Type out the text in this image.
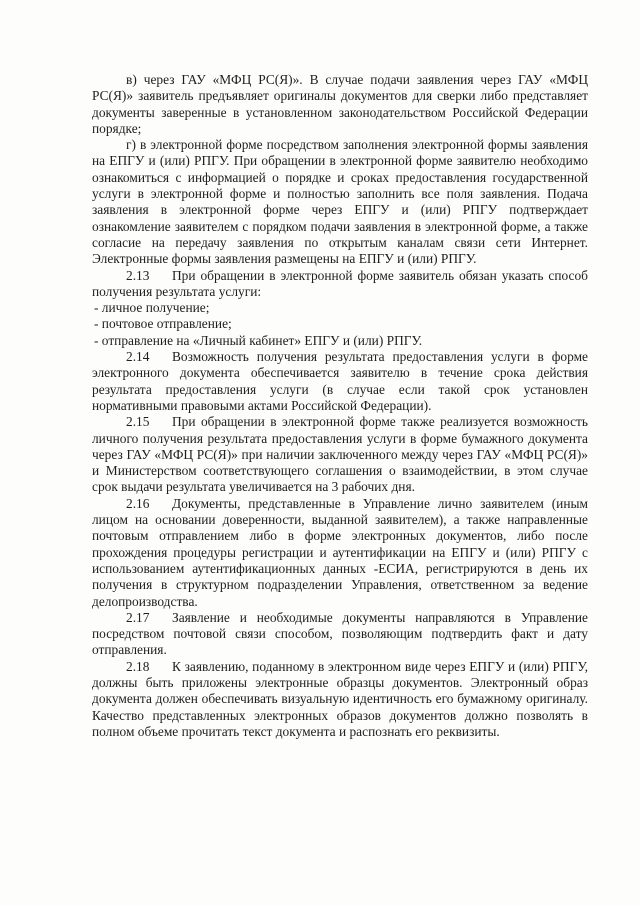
в) через ГАУ «МФЦ РС(Я)». В случае подачи заявления через ГАУ «МФЦ РС(Я)» заявитель предъявляет оригиналы документов для сверки либо представляет документы заверенные в установленном законодательством Российской Федерации порядке;

г) в электронной форме посредством заполнения электронной формы заявления на ЕПГУ и (или) РПГУ. При обращении в электронной форме заявителю необходимо ознакомиться с информацией о порядке и сроках предоставления государственной услуги в электронной форме и полностью заполнить все поля заявления. Подача заявления в электронной форме через ЕПГУ и (или) РПГУ подтверждает ознакомление заявителем с порядком подачи заявления в электронной форме, а также согласие на передачу заявления по открытым каналам связи сети Интернет. Электронные формы заявления размещены на ЕПГУ и (или) РПГУ.

2.13 При обращении в электронной форме заявитель обязан указать способ получения результата услуги:

- личное получение;

- почтовое отправление;

- отправление на «Личный кабинет» ЕПГУ и (или) РПГУ.

2.14 Возможность получения результата предоставления услуги в форме электронного документа обеспечивается заявителю в течение срока действия результата предоставления услуги (в случае если такой срок установлен нормативными правовыми актами Российской Федерации).

2.15 При обращении в электронной форме также реализуется возможность личного получения результата предоставления услуги в форме бумажного документа через ГАУ «МФЦ РС(Я)» при наличии заключенного между через ГАУ «МФЦ РС(Я)» и Министерством соответствующего соглашения о взаимодействии, в этом случае срок выдачи результата увеличивается на 3 рабочих дня.

2.16 Документы, представленные в Управление лично заявителем (иным лицом на основании доверенности, выданной заявителем), а также направленные почтовым отправлением либо в форме электронных документов, либо после прохождения процедуры регистрации и аутентификации на ЕПГУ и (или) РПГУ с использованием аутентификационных данных -ЕСИА, регистрируются в день их получения в структурном подразделении Управления, ответственном за ведение делопроизводства.

2.17 Заявление и необходимые документы направляются в Управление посредством почтовой связи способом, позволяющим подтвердить факт и дату отправления.

2.18 К заявлению, поданному в электронном виде через ЕПГУ и (или) РПГУ, должны быть приложены электронные образцы документов. Электронный образ документа должен обеспечивать визуальную идентичность его бумажному оригиналу. Качество представленных электронных образов документов должно позволять в полном объеме прочитать текст документа и распознать его реквизиты.
